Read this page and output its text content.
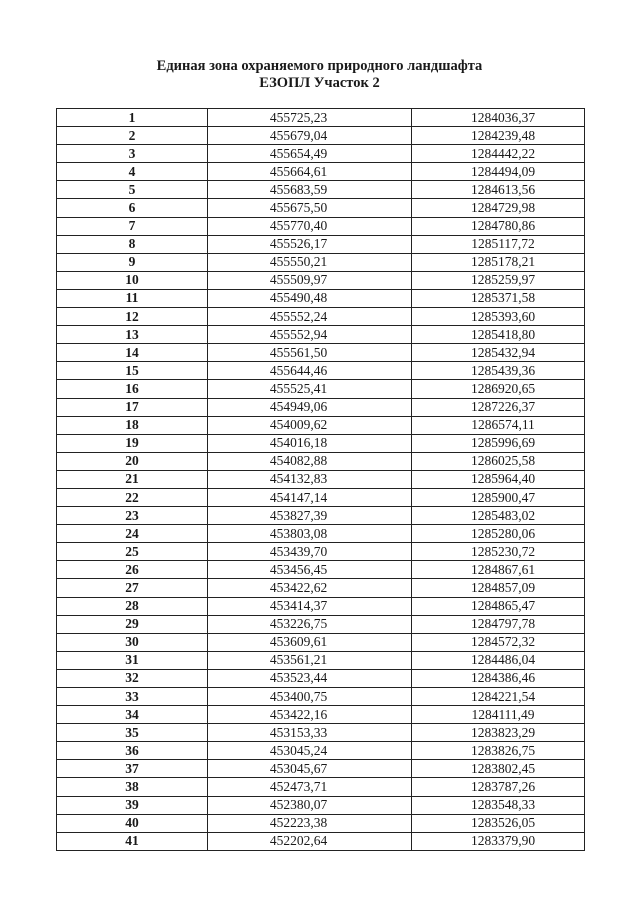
Единая зона охраняемого природного ландшафта
ЕЗОПЛ Участок 2
1	455725,23	1284036,37
2	455679,04	1284239,48
3	455654,49	1284442,22
4	455664,61	1284494,09
5	455683,59	1284613,56
6	455675,50	1284729,98
7	455770,40	1284780,86
8	455526,17	1285117,72
9	455550,21	1285178,21
10	455509,97	1285259,97
11	455490,48	1285371,58
12	455552,24	1285393,60
13	455552,94	1285418,80
14	455561,50	1285432,94
15	455644,46	1285439,36
16	455525,41	1286920,65
17	454949,06	1287226,37
18	454009,62	1286574,11
19	454016,18	1285996,69
20	454082,88	1286025,58
21	454132,83	1285964,40
22	454147,14	1285900,47
23	453827,39	1285483,02
24	453803,08	1285280,06
25	453439,70	1285230,72
26	453456,45	1284867,61
27	453422,62	1284857,09
28	453414,37	1284865,47
29	453226,75	1284797,78
30	453609,61	1284572,32
31	453561,21	1284486,04
32	453523,44	1284386,46
33	453400,75	1284221,54
34	453422,16	1284111,49
35	453153,33	1283823,29
36	453045,24	1283826,75
37	453045,67	1283802,45
38	452473,71	1283787,26
39	452380,07	1283548,33
40	452223,38	1283526,05
41	452202,64	1283379,90
